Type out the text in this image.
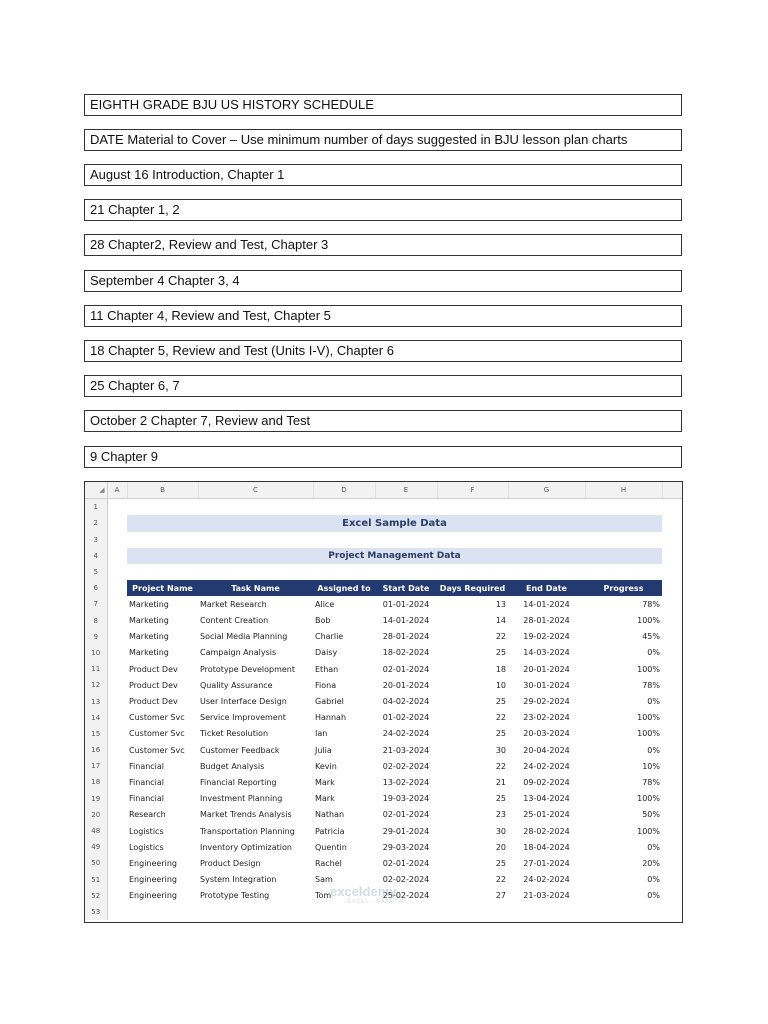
EIGHTH GRADE BJU US HISTORY SCHEDULE
DATE Material to Cover – Use minimum number of days suggested in BJU lesson plan charts
August 16 Introduction, Chapter 1
21 Chapter 1, 2
28 Chapter2, Review and Test, Chapter 3
September 4 Chapter 3, 4
11 Chapter 4, Review and Test, Chapter 5
18 Chapter 5, Review and Test (Units I-V), Chapter 6
25 Chapter 6, 7
October 2 Chapter 7, Review and Test
9 Chapter 9
◢	A	B	C	D	E	F	G	H	
1									
2		Excel Sample Data							
3									
4		Project Management Data							
5									
6		Project Name	Task Name	Assigned to	Start Date	Days Required	End Date	Progress	
7		Marketing	Market Research	Alice	01-01-2024	13	14-01-2024	78%	
8		Marketing	Content Creation	Bob	14-01-2024	14	28-01-2024	100%	
9		Marketing	Social Media Planning	Charlie	28-01-2024	22	19-02-2024	45%	
10		Marketing	Campaign Analysis	Daisy	18-02-2024	25	14-03-2024	0%	
11		Product Dev	Prototype Development	Ethan	02-01-2024	18	20-01-2024	100%	
12		Product Dev	Quality Assurance	Fiona	20-01-2024	10	30-01-2024	78%	
13		Product Dev	User Interface Design	Gabriel	04-02-2024	25	29-02-2024	0%	
14		Customer Svc	Service Improvement	Hannah	01-02-2024	22	23-02-2024	100%	
15		Customer Svc	Ticket Resolution	Ian	24-02-2024	25	20-03-2024	100%	
16		Customer Svc	Customer Feedback	Julia	21-03-2024	30	20-04-2024	0%	
17		Financial	Budget Analysis	Kevin	02-02-2024	22	24-02-2024	10%	
18		Financial	Financial Reporting	Mark	13-02-2024	21	09-02-2024	78%	
19		Financial	Investment Planning	Mark	19-03-2024	25	13-04-2024	100%	
20		Research	Market Trends Analysis	Nathan	02-01-2024	23	25-01-2024	50%	
48		Logistics	Transportation Planning	Patricia	29-01-2024	30	28-02-2024	100%	
49		Logistics	Inventory Optimization	Quentin	29-03-2024	20	18-04-2024	0%	
50		Engineering	Product Design	Rachel	02-01-2024	25	27-01-2024	20%	
51		Engineering	System Integration	Sam	02-02-2024	22	24-02-2024	0%	
52		Engineering	Prototype Testing	Tom	25-02-2024	27	21-03-2024	0%	
53									
exceldemy
EXCEL · DATA · BI
